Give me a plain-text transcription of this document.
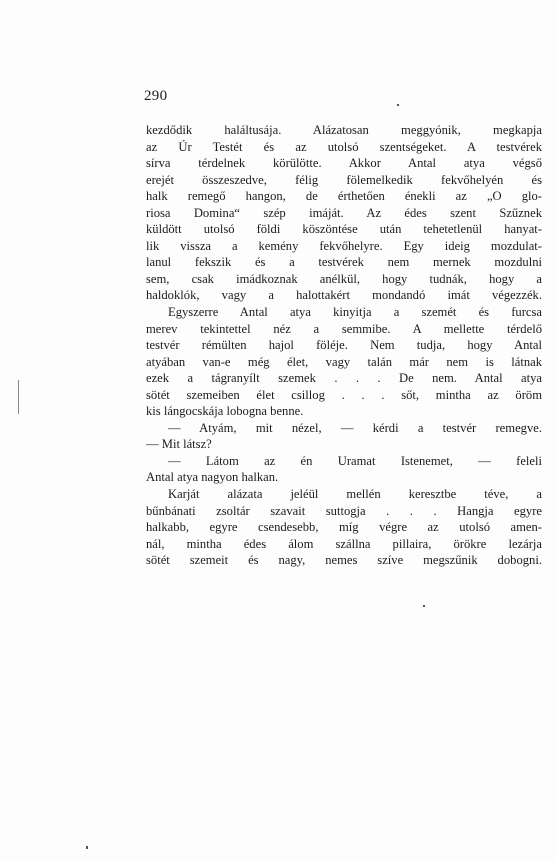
290
kezdődik haláltusája. Alázatosan meggyónik, megkapja
az Úr Testét és az utolsó szentségeket. A testvérek
sírva térdelnek körülötte. Akkor Antal atya végső
erejét összeszedve, félig fölemelkedik fekvőhelyén és
halk remegő hangon, de érthetően énekli az „O glo-
riosa Domina“ szép imáját. Az édes szent Szűznek
küldött utolsó földi köszöntése után tehetetlenül hanyat-
lik vissza a kemény fekvőhelyre. Egy ideig mozdulat-
lanul fekszik és a testvérek nem mernek mozdulni
sem, csak imádkoznak anélkül, hogy tudnák, hogy a
haldoklók, vagy a halottakért mondandó imát végezzék.
Egyszerre Antal atya kinyitja a szemét és furcsa
merev tekintettel néz a semmibe. A mellette térdelő
testvér rémülten hajol föléje. Nem tudja, hogy Antal
atyában van-e még élet, vagy talán már nem is látnak
ezek a tágranyílt szemek . . . De nem. Antal atya
sötét szemeiben élet csillog . . . sőt, mintha az öröm
kis lángocskája lobogna benne.
— Atyám, mit nézel, — kérdi a testvér remegve.
— Mit látsz?
— Látom az én Uramat Istenemet, — feleli
Antal atya nagyon halkan.
Karját alázata jeléül mellén keresztbe téve, a
bűnbánati zsoltár szavait suttogja . . . Hangja egyre
halkabb, egyre csendesebb, míg végre az utolsó amen-
nál, mintha édes álom szállna pillaira, örökre lezárja
sötét szemeit és nagy, nemes szíve megszűnik dobogni.
